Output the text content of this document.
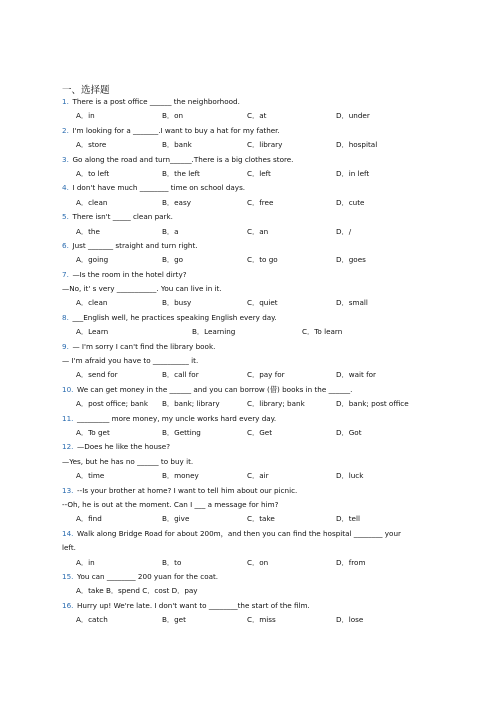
一、选择题
1. There is a post office ______ the neighborhood.
A．in	B．on	C．at	D．under
2. I'm looking for a _______.I want to buy a hat for my father.
A．store	B．bank	C．library	D．hospital
3. Go along the road and turn______.There is a big clothes store.
A．to left	B．the left	C．left	D．in left
4. I don't have much ________ time on school days.
A．clean	B．easy	C．free	D．cute
5. There isn't _____ clean park.
A．the	B．a	C．an	D．/
6. Just _______ straight and turn right.
A．going	B．go	C．to go	D．goes
7. —Is the room in the hotel dirty?
—No, it' s very ___________. You can live in it.
A．clean	B．busy	C．quiet	D．small
8. ___English well, he practices speaking English every day.
A．Learn	B．Learning	C．To learn
9. — I'm sorry I can't find the library book.
— I'm afraid you have to __________ it.
A．send for	B．call for	C．pay for	D．wait for
10. We can get money in the ______ and you can borrow (借) books in the ______.
A．post office; bank B．bank; library	C．library; bank	D．bank; post office
11. _________ more money, my uncle works hard every day.
A．To get	B．Getting	C．Get	D．Got
12. —Does he like the house?
—Yes, but he has no ______ to buy it.
A．time	B．money	C．air	D．luck
13. --Is your brother at home? I want to tell him about our picnic.
--Oh, he is out at the moment. Can I ___ a message for him?
A．find	B．give	C．take	D．tell
14. Walk along Bridge Road for about 200m，and then you can find the hospital ________ your
left.
A．in	B．to	C．on	D．from
15. You can ________ 200 yuan for the coat.
A．take B．spend C．cost D．pay
16. Hurry up! We're late. I don't want to ________the start of the film.
A．catch	B．get	C．miss	D．lose
